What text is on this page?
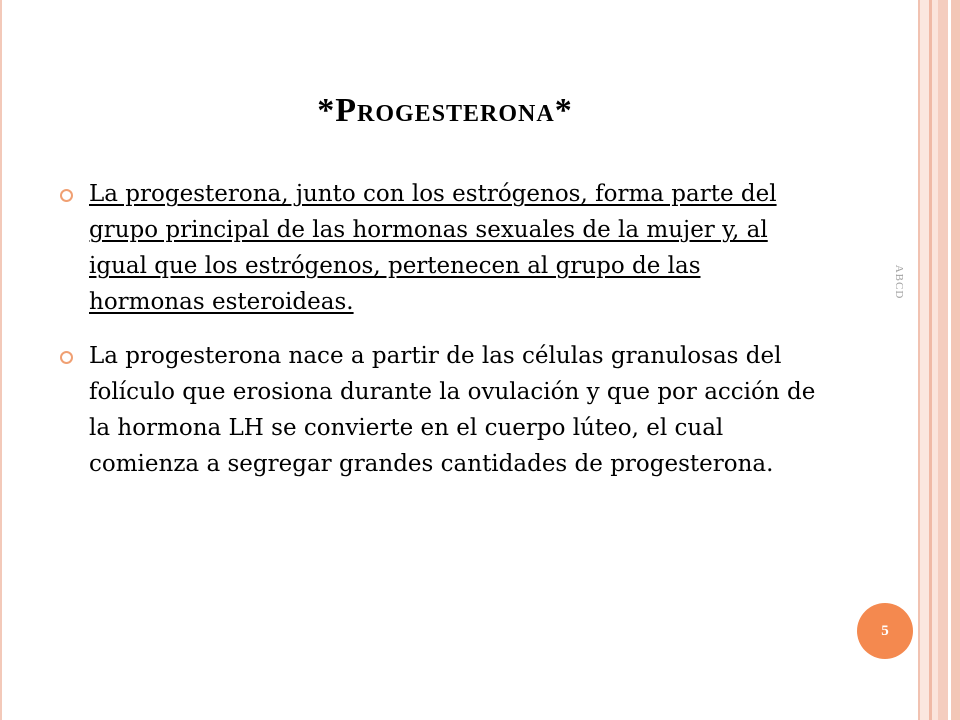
ABCD
*Progesterona*
La progesterona, junto con los estrógenos, forma parte del grupo principal de las hormonas sexuales de la mujer y, al igual que los estrógenos, pertenecen al grupo de las hormonas esteroideas.
La progesterona nace a partir de las células granulosas del folículo que erosiona durante la ovulación y que por acción de la hormona LH se convierte en el cuerpo lúteo, el cual comienza a segregar grandes cantidades de progesterona.
5
